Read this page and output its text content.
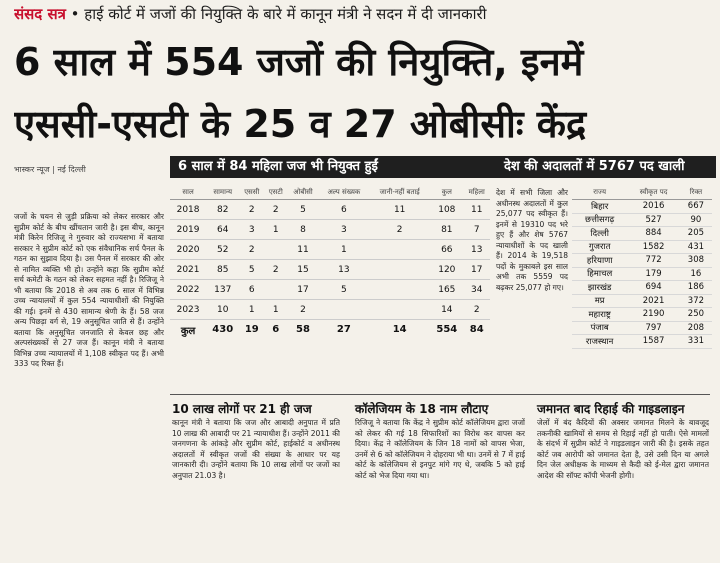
संसद सत्र • हाई कोर्ट में जजों की नियुक्ति के बारे में कानून मंत्री ने सदन में दी जानकारी
6 साल में 554 जजों की नियुक्ति, इनमें
एससी-एसटी के 25 व 27 ओबीसीः केंद्र
भास्कर न्यूज | नई दिल्ली
जजों के चयन से जुड़ी प्रक्रिया को लेकर सरकार और सुप्रीम कोर्ट के बीच खींचतान जारी है। इस बीच, कानून मंत्री किरेन रिजिजू ने गुरुवार को राज्यसभा में बताया सरकार ने सुप्रीम कोर्ट को एक संवैधानिक सर्च पैनल के गठन का सुझाव दिया है। उस पैनल में सरकार की ओर से नामित व्यक्ति भी हो। उन्होंने कहा कि सुप्रीम कोर्ट सर्च कमेटी के गठन को लेकर सहमत नहीं है। रिजिजू ने भी बताया कि 2018 से अब तक 6 साल में विभिन्न उच्च न्यायालयों में कुल 554 न्यायाधीशों की नियुक्ति की गई। इनमें से 430 सामान्य श्रेणी के हैं। 58 जज अन्य पिछड़ा वर्ग से, 19 अनुसूचित जाति से हैं। उन्होंने बताया कि अनुसूचित जनजाति से केवल छह और अल्पसंख्यकों से 27 जज हैं। कानून मंत्री ने बताया विभिन्न उच्च न्यायालयों में 1,108 स्वीकृत पद हैं। अभी 333 पद रिक्त हैं।
6 साल में 84 महिला जज भी नियुक्त हुईं
साल	सामान्य	एससी	एसटी	ओबीसी	अल्प संख्यक	जानी-नहीं बताई	कुल	महिला
2018	82	2	2	5	6	11	108	11
2019	64	3	1	8	3	2	81	7
2020	52	2		11	1		66	13
2021	85	5	2	15	13		120	17
2022	137	6		17	5		165	34
2023	10	1	1	2			14	2
कुल	430	19	6	58	27	14	554	84
देश की अदालतों में 5767 पद खाली
देश में सभी जिला और अधीनस्थ अदालतों में कुल 25,077 पद स्वीकृत हैं। इनमें से 19310 पद भरे हुए हैं और शेष 5767 न्यायाधीशों के पद खाली हैं। 2014 के 19,518 पदों के मुकाबले इस साल अभी तक 5559 पद बढ़कर 25,077 हो गए।
राज्य	स्वीकृत पद	रिक्त
बिहार	2016	667
छत्तीसगढ़	527	90
दिल्ली	884	205
गुजरात	1582	431
हरियाणा	772	308
हिमाचल	179	16
झारखंड	694	186
मप्र	2021	372
महाराष्ट्र	2190	250
पंजाब	797	208
राजस्थान	1587	331
10 लाख लोगों पर 21 ही जज
कानून मंत्री ने बताया कि जज और आबादी अनुपात में प्रति 10 लाख की आबादी पर 21 न्यायाधीश हैं। उन्होंने 2011 की जनगणना के आंकड़े और सुप्रीम कोर्ट, हाईकोर्ट व अधीनस्थ अदालतों में स्वीकृत जजों की संख्या के आधार पर यह जानकारी दी। उन्होंने बताया कि 10 लाख लोगों पर जजों का अनुपात 21.03 है।
कॉलेजियम के 18 नाम लौटाए
रिजिजू ने बताया कि केंद्र ने सुप्रीम कोर्ट कॉलेजियम द्वारा जजों को लेकर की गई 18 सिफारिशों का विरोध कर वापस कर दिया। केंद्र ने कॉलेजियम के जिन 18 नामों को वापस भेजा, उनमें से 6 को कॉलेजियम ने दोहराया भी था। उनमें से 7 में हाई कोर्ट के कॉलेजियम से इनपुट मांगे गए थे, जबकि 5 को हाई कोर्ट को भेज दिया गया था।
जमानत बाद रिहाई की गाइडलाइन
जेलों में बंद कैदियों की अक्सर जमानत मिलने के बावजूद तकनीकी खामियों से समय से रिहाई नहीं हो पाती। ऐसे मामलों के संदर्भ में सुप्रीम कोर्ट ने गाइडलाइन जारी की है। इसके तहत कोर्ट जब आरोपी को जमानत देता है, उसे उसी दिन या अगले दिन जेल अधीक्षक के माध्यम से कैदी को ई-मेल द्वारा जमानत आदेश की सॉफ्ट कॉपी भेजनी होगी।
